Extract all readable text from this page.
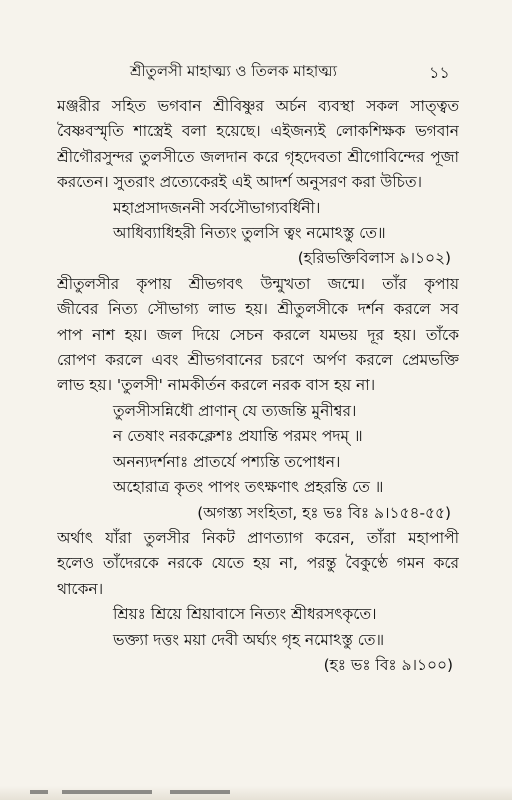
শ্রীতুলসী মাহাত্ম্য ও তিলক মাহাত্ম্য	১১
মঞ্জরীর সহিত ভগবান শ্রীবিষ্ণুর অর্চন ব্যবস্থা সকল সাত্ত্বত
বৈষ্ণবস্মৃতি শাস্ত্রেই বলা হয়েছে। এইজন্যই লোকশিক্ষক ভগবান
শ্রীগৌরসুন্দর তুলসীতে জলদান করে গৃহদেবতা শ্রীগোবিন্দের পূজা
করতেন। সুতরাং প্রত্যেকেরই এই আদর্শ অনুসরণ করা উচিত।
মহাপ্রসাদজননী সর্বসৌভাগ্যবর্ধিনী।
আধিব্যাধিহরী নিত্যং তুলসি ত্বং নমোঽস্তু তে॥
(হরিভক্তিবিলাস ৯।১০২)
শ্রীতুলসীর কৃপায় শ্রীভগবৎ উন্মুখতা জন্মে। তাঁর কৃপায়
জীবের নিত্য সৌভাগ্য লাভ হয়। শ্রীতুলসীকে দর্শন করলে সব
পাপ নাশ হয়। জল দিয়ে সেচন করলে যমভয় দূর হয়। তাঁকে
রোপণ করলে এবং শ্রীভগবানের চরণে অর্পণ করলে প্রেমভক্তি
লাভ হয়। 'তুলসী' নামকীর্তন করলে নরক বাস হয় না।
তুলসীসন্নিধৌ প্রাণান্ যে ত্যজন্তি মুনীশ্বর।
ন তেষাং নরকক্লেশঃ প্রযান্তি পরমং পদম্ ॥
অনন্যদর্শনাঃ প্রাতর্যে পশ্যন্তি তপোধন।
অহোরাত্র কৃতং পাপং তৎক্ষণাৎ প্রহরন্তি তে ॥
(অগস্ত্য সংহিতা, হঃ ভঃ বিঃ ৯।১৫৪-৫৫)
অর্থাৎ যাঁরা তুলসীর নিকট প্রাণত্যাগ করেন, তাঁরা মহাপাপী
হলেও তাঁদেরকে নরকে যেতে হয় না, পরন্তু বৈকুণ্ঠে গমন করে
থাকেন।
শ্রিয়ঃ শ্রিয়ে শ্রিয়াবাসে নিত্যং শ্রীধরসৎকৃতে।
ভক্ত্যা দত্তং ময়া দেবী অর্ঘ্যং গৃহ নমোঽস্তু তে॥
(হঃ ভঃ বিঃ ৯।১০০)
